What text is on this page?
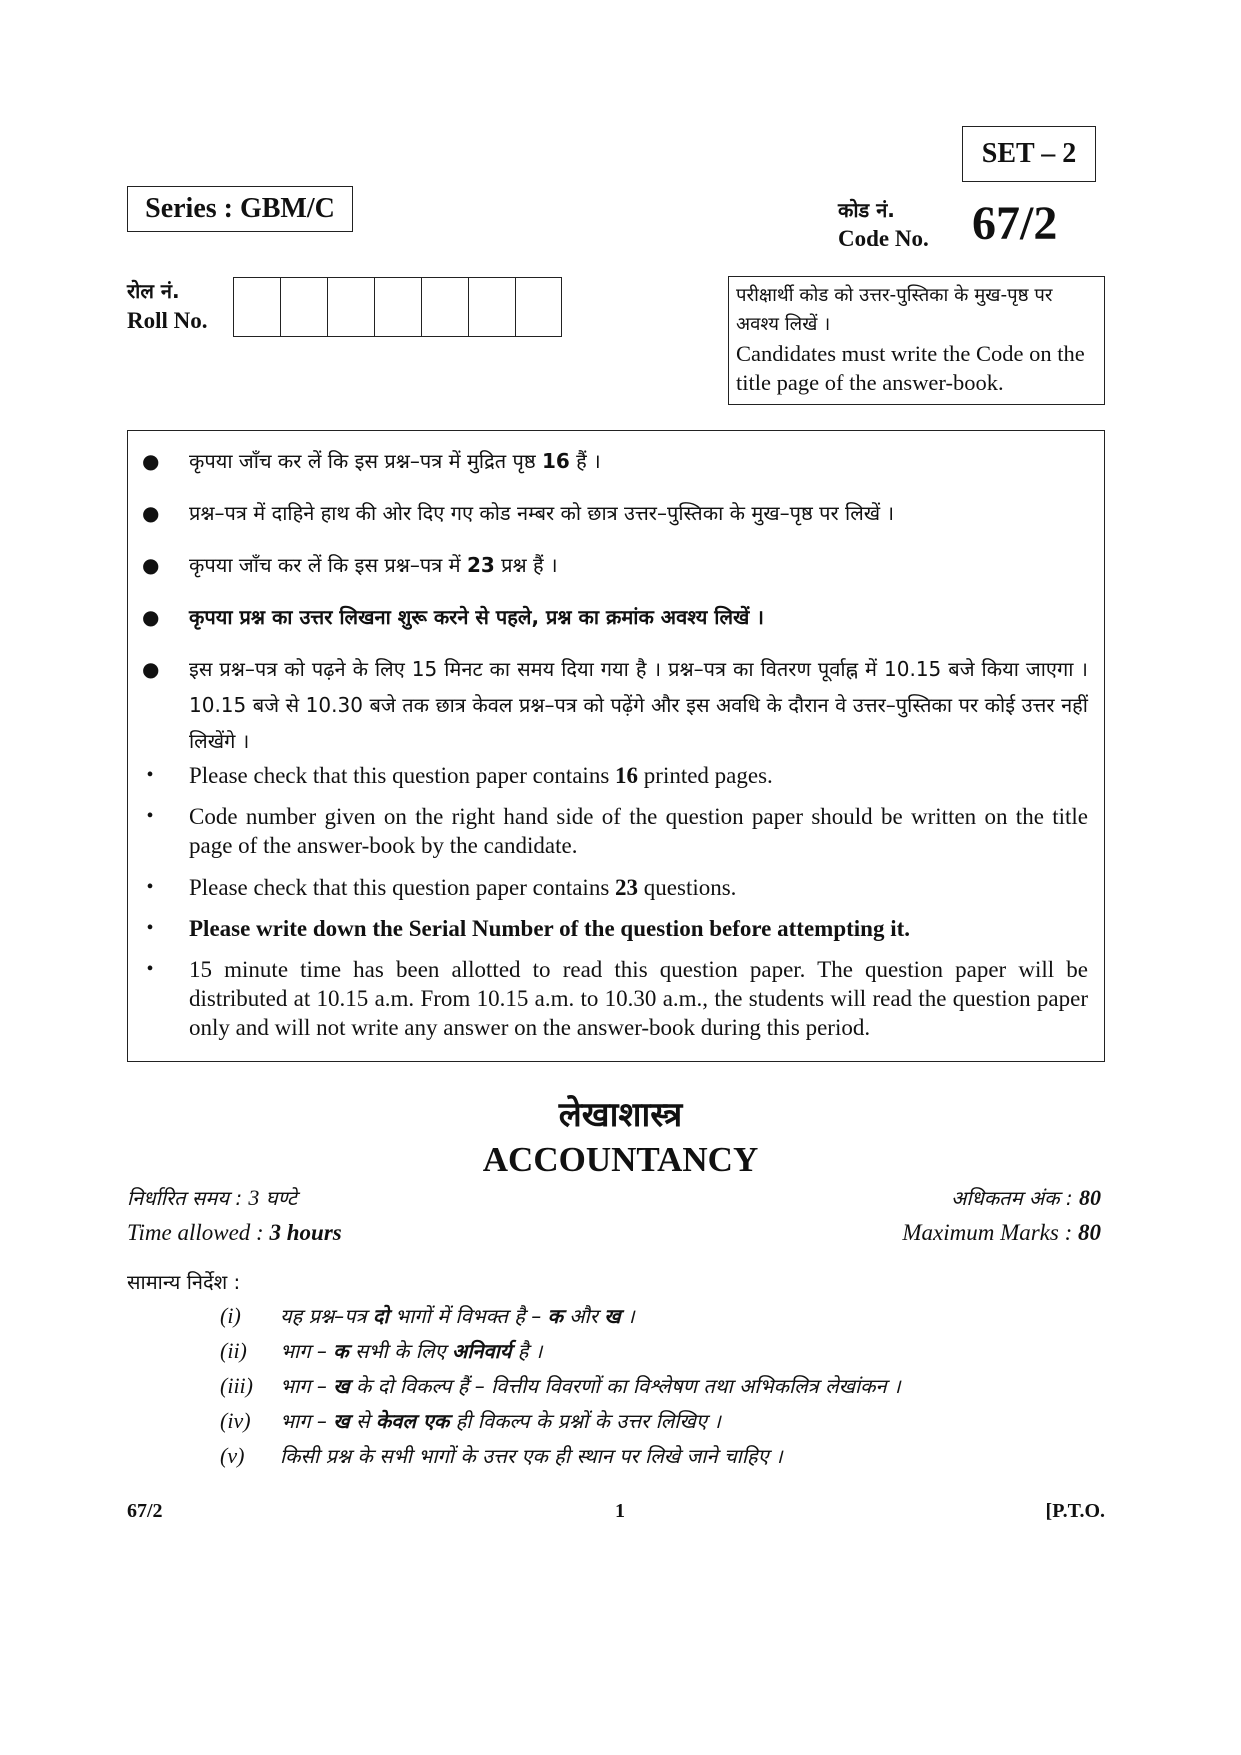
SET – 2
Series : GBM/C	कोड नं.
Code No. 67/2
रोल नं.
Roll No.
परीक्षार्थी कोड को उत्तर-पुस्तिका के मुख-पृष्ठ पर अवश्य लिखें ।
Candidates must write the Code on the title page of the answer-book.
● कृपया जाँच कर लें कि इस प्रश्न–पत्र में मुद्रित पृष्ठ 16 हैं ।
● प्रश्न–पत्र में दाहिने हाथ की ओर दिए गए कोड नम्बर को छात्र उत्तर–पुस्तिका के मुख–पृष्ठ पर लिखें ।
● कृपया जाँच कर लें कि इस प्रश्न–पत्र में 23 प्रश्न हैं ।
● कृपया प्रश्न का उत्तर लिखना शुरू करने से पहले, प्रश्न का क्रमांक अवश्य लिखें ।
● इस प्रश्न–पत्र को पढ़ने के लिए 15 मिनट का समय दिया गया है । प्रश्न–पत्र का वितरण पूर्वाह्न में 10.15 बजे किया जाएगा । 10.15 बजे से 10.30 बजे तक छात्र केवल प्रश्न–पत्र को पढ़ेंगे और इस अवधि के दौरान वे उत्तर–पुस्तिका पर कोई उत्तर नहीं लिखेंगे ।
• Please check that this question paper contains 16 printed pages.
• Code number given on the right hand side of the question paper should be written on the title page of the answer-book by the candidate.
• Please check that this question paper contains 23 questions.
• Please write down the Serial Number of the question before attempting it.
• 15 minute time has been allotted to read this question paper. The question paper will be distributed at 10.15 a.m. From 10.15 a.m. to 10.30 a.m., the students will read the question paper only and will not write any answer on the answer-book during this period.
लेखाशास्त्र
ACCOUNTANCY
निर्धारित समय : 3 घण्टे
Time allowed : 3 hours
अधिकतम अंक : 80
Maximum Marks : 80
सामान्य निर्देश :
(i) यह प्रश्न–पत्र दो भागों में विभक्त है – क और ख ।
(ii) भाग – क सभी के लिए अनिवार्य है ।
(iii) भाग – ख के दो विकल्प हैं – वित्तीय विवरणों का विश्लेषण तथा अभिकलित्र लेखांकन ।
(iv) भाग – ख से केवल एक ही विकल्प के प्रश्नों के उत्तर लिखिए ।
(v) किसी प्रश्न के सभी भागों के उत्तर एक ही स्थान पर लिखे जाने चाहिए ।
67/2	1	[P.T.O.
